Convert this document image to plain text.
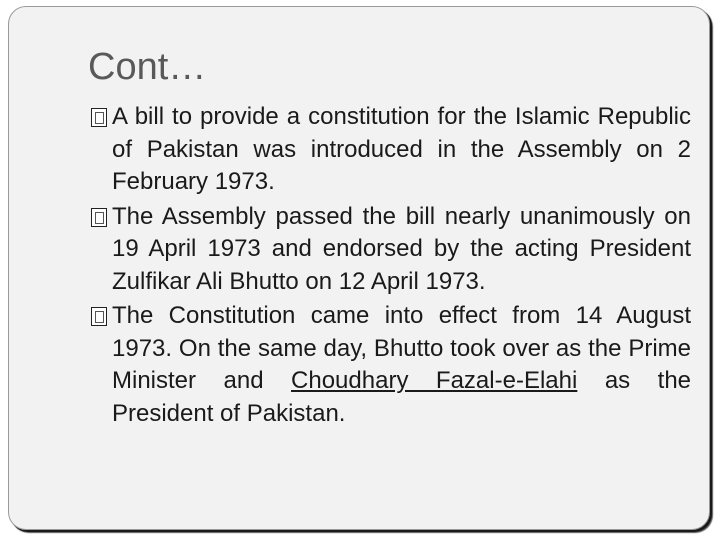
Cont…
A bill to provide a constitution for the Islamic Republic of Pakistan was introduced in the Assembly on 2 February 1973.
The Assembly passed the bill nearly unanimously on 19 April 1973 and endorsed by the acting President Zulfikar Ali Bhutto on 12 April 1973.
The Constitution came into effect from 14 August 1973. On the same day, Bhutto took over as the Prime Minister and Choudhary Fazal-e-Elahi as the President of Pakistan.
